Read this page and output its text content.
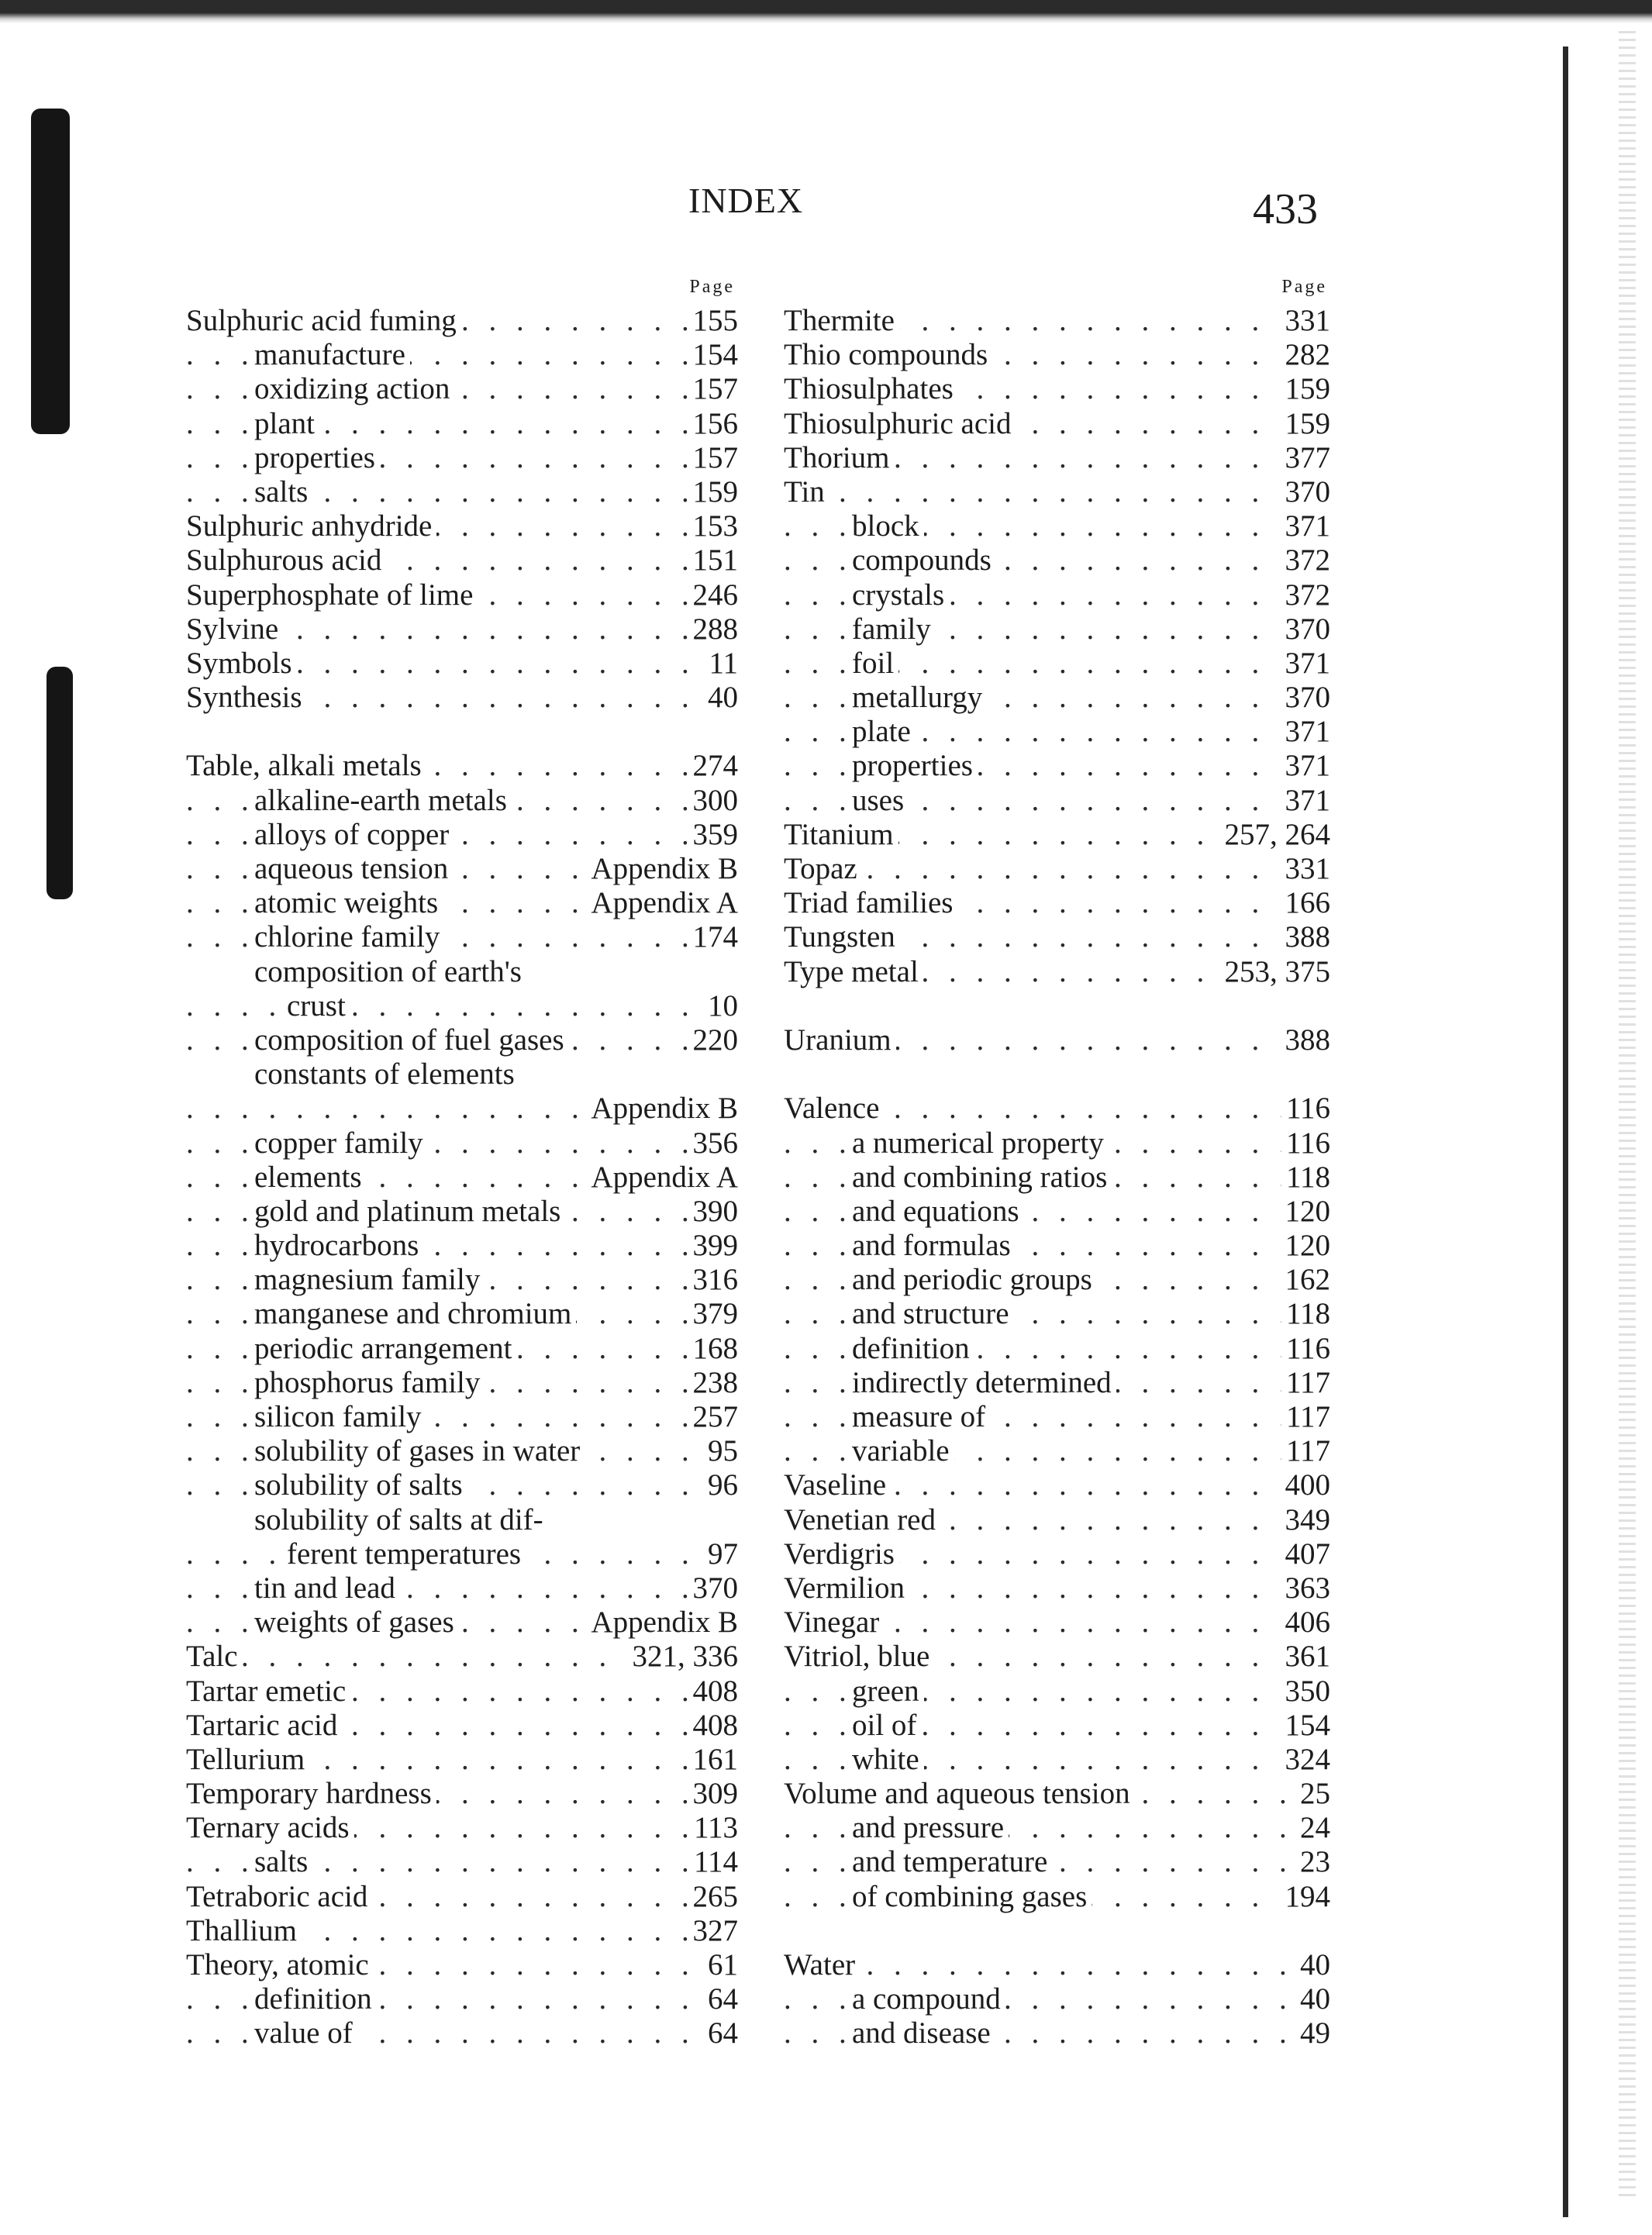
INDEX	433
Page
. . .
Sulphuric acid fuming	155
. . .
manufacture	154
. . .
oxidizing action	157
. . .
plant	156
. . .
properties	157
. . .
salts	159
. . .
Sulphuric anhydride	153
. . .
Sulphurous acid	151
. . .
Superphosphate of lime	246
. . .
Sylvine	288
. . .
Symbols	11
. . .
Synthesis	40
. . .
Table, alkali metals	274
. . .
alkaline-earth metals	300
. . .
alloys of copper	359
. . .
aqueous tension	Appendix B
. . .
atomic weights	Appendix A
. . .
chlorine family	174
composition of earth's
. . .
crust	10
. . .
composition of fuel gases	220
constants of elements
. . .
Appendix B
. . .
copper family	356
. . .
elements	Appendix A
. . .
gold and platinum metals	390
. . .
hydrocarbons	399
. . .
magnesium family	316
. . .
manganese and chromium	379
. . .
periodic arrangement	168
. . .
phosphorus family	238
. . .
silicon family	257
. . .
solubility of gases in water	95
. . .
solubility of salts	96
solubility of salts at dif-
. . .
ferent temperatures	97
. . .
tin and lead	370
. . .
weights of gases	Appendix B
. . .
Talc	321, 336
. . .
Tartar emetic	408
. . .
Tartaric acid	408
. . .
Tellurium	161
. . .
Temporary hardness	309
. . .
Ternary acids	113
. . .
salts	114
. . .
Tetraboric acid	265
. . .
Thallium	327
. . .
Theory, atomic	61
. . .
definition	64
. . .
value of	64
Page
. . .
Thermite	331
. . .
Thio compounds	282
. . .
Thiosulphates	159
. . .
Thiosulphuric acid	159
. . .
Thorium	377
. . .
Tin	370
. . .
block	371
. . .
compounds	372
. . .
crystals	372
. . .
family	370
. . .
foil	371
. . .
metallurgy	370
. . .
plate	371
. . .
properties	371
. . .
uses	371
. . .
Titanium	257, 264
. . .
Topaz	331
. . .
Triad families	166
. . .
Tungsten	388
. . .
Type metal	253, 375
. . .
Uranium	388
. . .
Valence	116
. . .
a numerical property	116
. . .
and combining ratios	118
. . .
and equations	120
. . .
and formulas	120
. . .
and periodic groups	162
. . .
and structure	118
. . .
definition	116
. . .
indirectly determined	117
. . .
measure of	117
. . .
variable	117
. . .
Vaseline	400
. . .
Venetian red	349
. . .
Verdigris	407
. . .
Vermilion	363
. . .
Vinegar	406
. . .
Vitriol, blue	361
. . .
green	350
. . .
oil of	154
. . .
white	324
. . .
Volume and aqueous tension	25
. . .
and pressure	24
. . .
and temperature	23
. . .
of combining gases	194
. . .
Water	40
. . .
a compound	40
. . .
and disease	49
